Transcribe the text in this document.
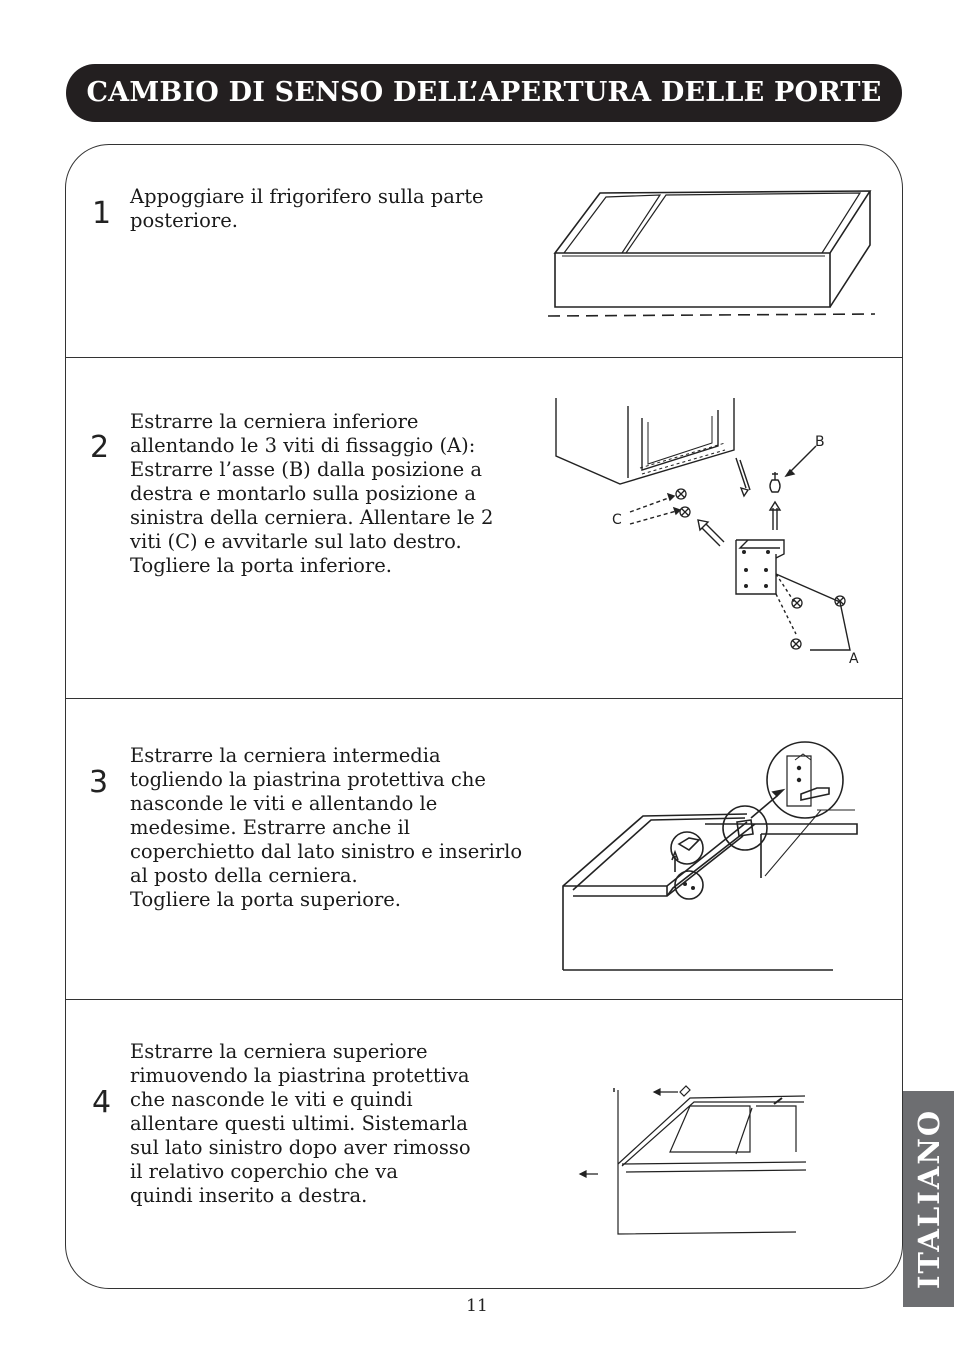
CAMBIO DI SENSO DELL’APERTURA DELLE PORTE
1 Appoggiare il frigorifero sulla parte
posteriore.
2
Estrarre la cerniera inferiore
allentando le 3 viti di fissaggio (A):
Estrarre l’asse (B) dalla posizione a
destra e montarlo sulla posizione a
sinistra della cerniera. Allentare le 2
viti (C) e avvitarle sul lato destro.
Togliere la porta inferiore.
B
C
A
3
Estrarre la cerniera intermedia
togliendo la piastrina protettiva che
nasconde le viti e allentando le
medesime. Estrarre anche il
coperchietto dal lato sinistro e inserirlo
al posto della cerniera.
Togliere la porta superiore.
4
Estrarre la cerniera superiore
rimuovendo la piastrina protettiva
che nasconde le viti e quindi
allentare questi ultimi. Sistemarla
sul lato sinistro dopo aver rimosso
il relativo coperchio che va
quindi inserito a destra.	ITALIANO
11
